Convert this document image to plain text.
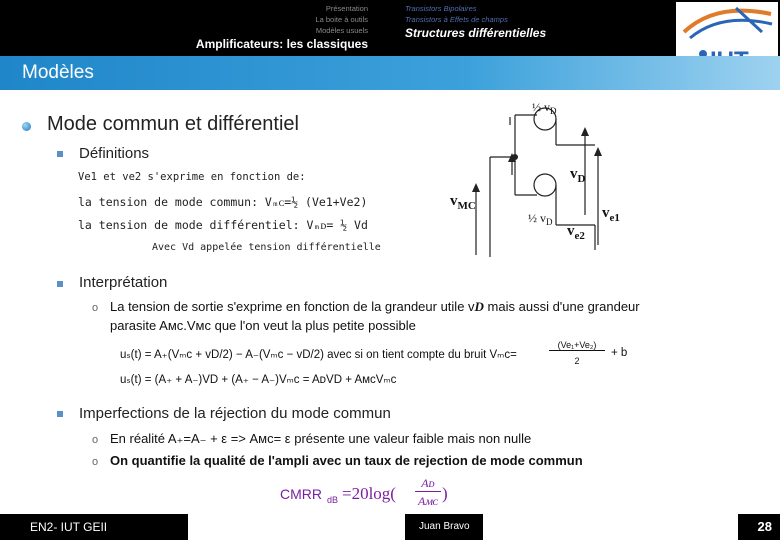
Présentation
La boite à outils
Modèles usuels
Amplificateurs: les classiques
Transistors Bipolaires
Transistors à Effets de champs
Structures différentielles
Modèles
Mode commun et différentiel
Définitions
Ve1 et ve2 s'exprime en fonction de:
la tension de mode commun: Vₘᴄ=½ (Ve1+Ve2)
la tension de mode différentiel: Vₘᴅ= ½ Vd
Avec Vd appelée tension différentielle
½ $v_D$
$v_D$
$v_{MC}$
½ $v_D$
$v_{e1}$
$v_{e2}$
Interprétation
o La tension de sortie s'exprime en fonction de la grandeur utile vD mais aussi d'une grandeur
parasite Aᴍᴄ.Vᴍᴄ que l'on veut la plus petite possible
uₛ(t) = A₊(Vₘᴄ + vD/2) − A₋(Vₘᴄ − vD/2) avec si on tient compte du bruit Vₘᴄ=
(Ve₁+Ve₂)
2
+ b
uₛ(t) = (A₊ + A₋)VD + (A₊ − A₋)Vₘᴄ = AᴅVD + AᴍᴄVₘᴄ
Imperfections de la réjection du mode commun
o En réalité A₊=A₋ + ε => Aᴍᴄ= ε présente une valeur faible mais non nulle
o On quantifie la qualité de l'ampli avec un taux de rejection de mode commun
CMRR dB =20log(
Aᴅ
Aᴍᴄ )
EN2- IUT GEII	Juan Bravo	28
